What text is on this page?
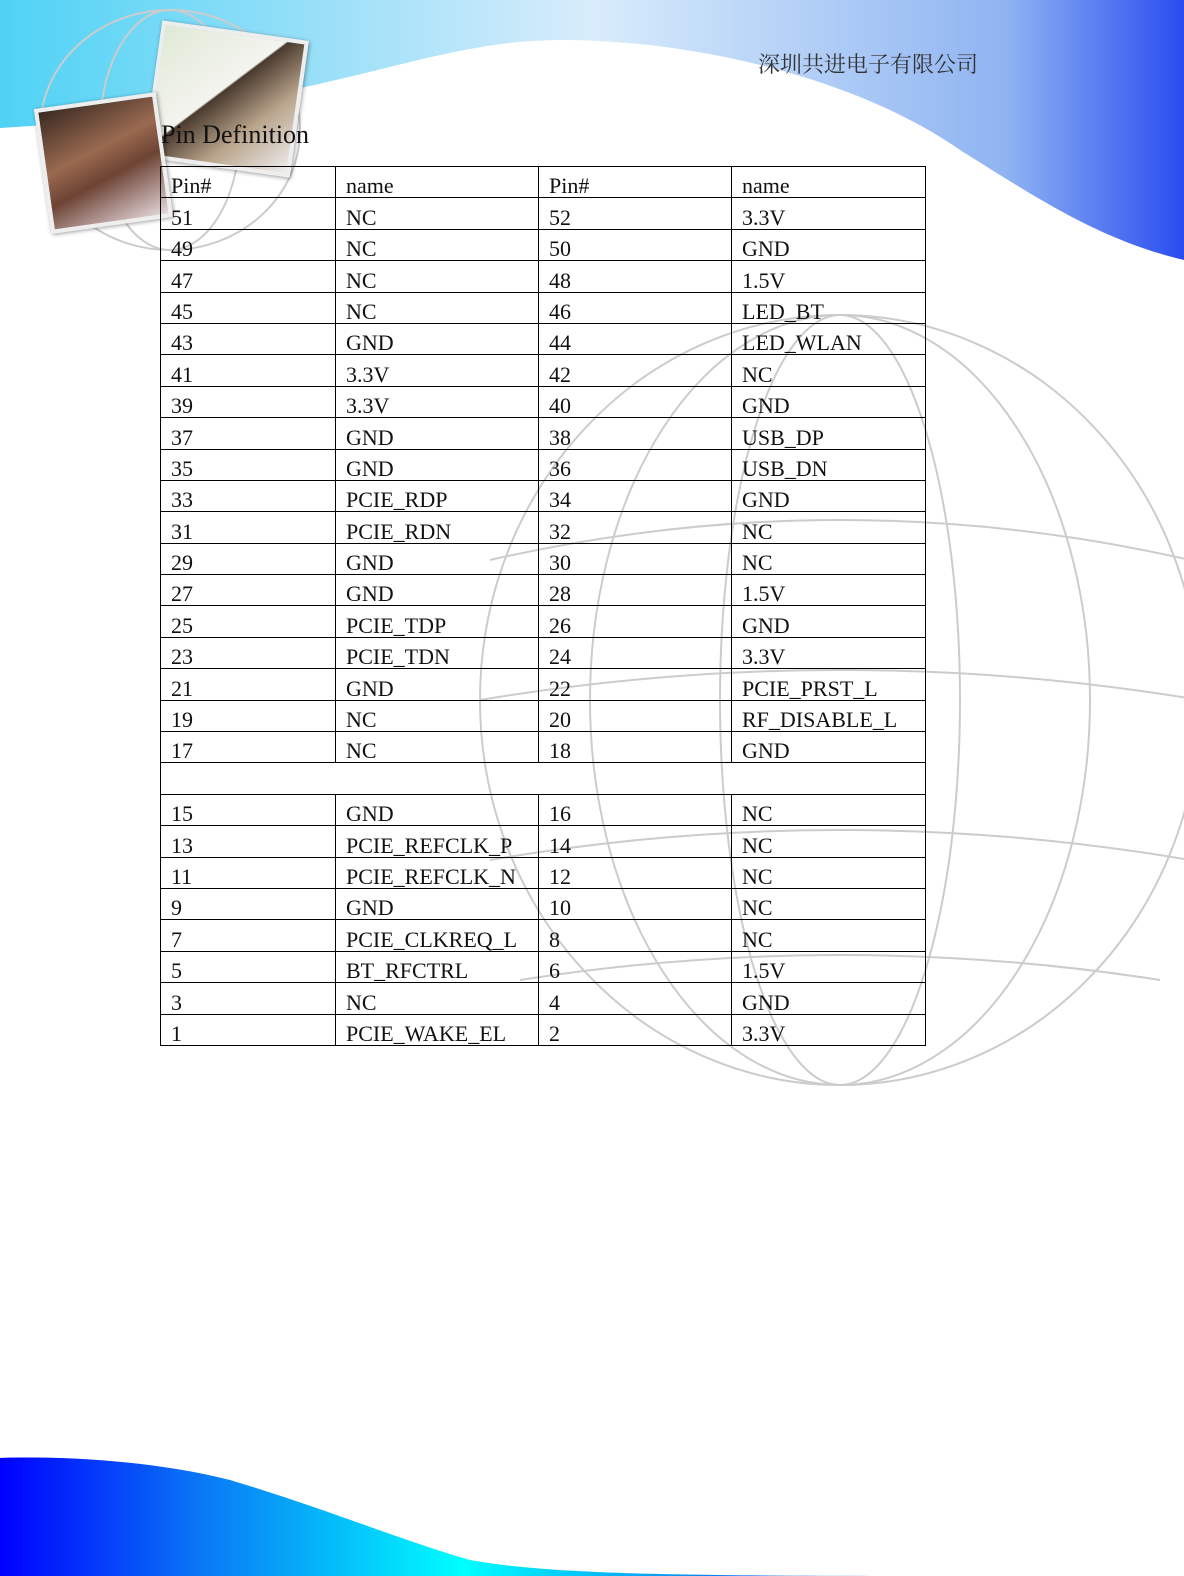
深圳共进电子有限公司
Pin Definition
Pin#	name	Pin#	name
51	NC	52	3.3V
49	NC	50	GND
47	NC	48	1.5V
45	NC	46	LED_BT
43	GND	44	LED_WLAN
41	3.3V	42	NC
39	3.3V	40	GND
37	GND	38	USB_DP
35	GND	36	USB_DN
33	PCIE_RDP	34	GND
31	PCIE_RDN	32	NC
29	GND	30	NC
27	GND	28	1.5V
25	PCIE_TDP	26	GND
23	PCIE_TDN	24	3.3V
21	GND	22	PCIE_PRST_L
19	NC	20	RF_DISABLE_L
17	NC	18	GND

15	GND	16	NC
13	PCIE_REFCLK_P	14	NC
11	PCIE_REFCLK_N	12	NC
9	GND	10	NC
7	PCIE_CLKREQ_L	8	NC
5	BT_RFCTRL	6	1.5V
3	NC	4	GND
1	PCIE_WAKE_EL	2	3.3V
